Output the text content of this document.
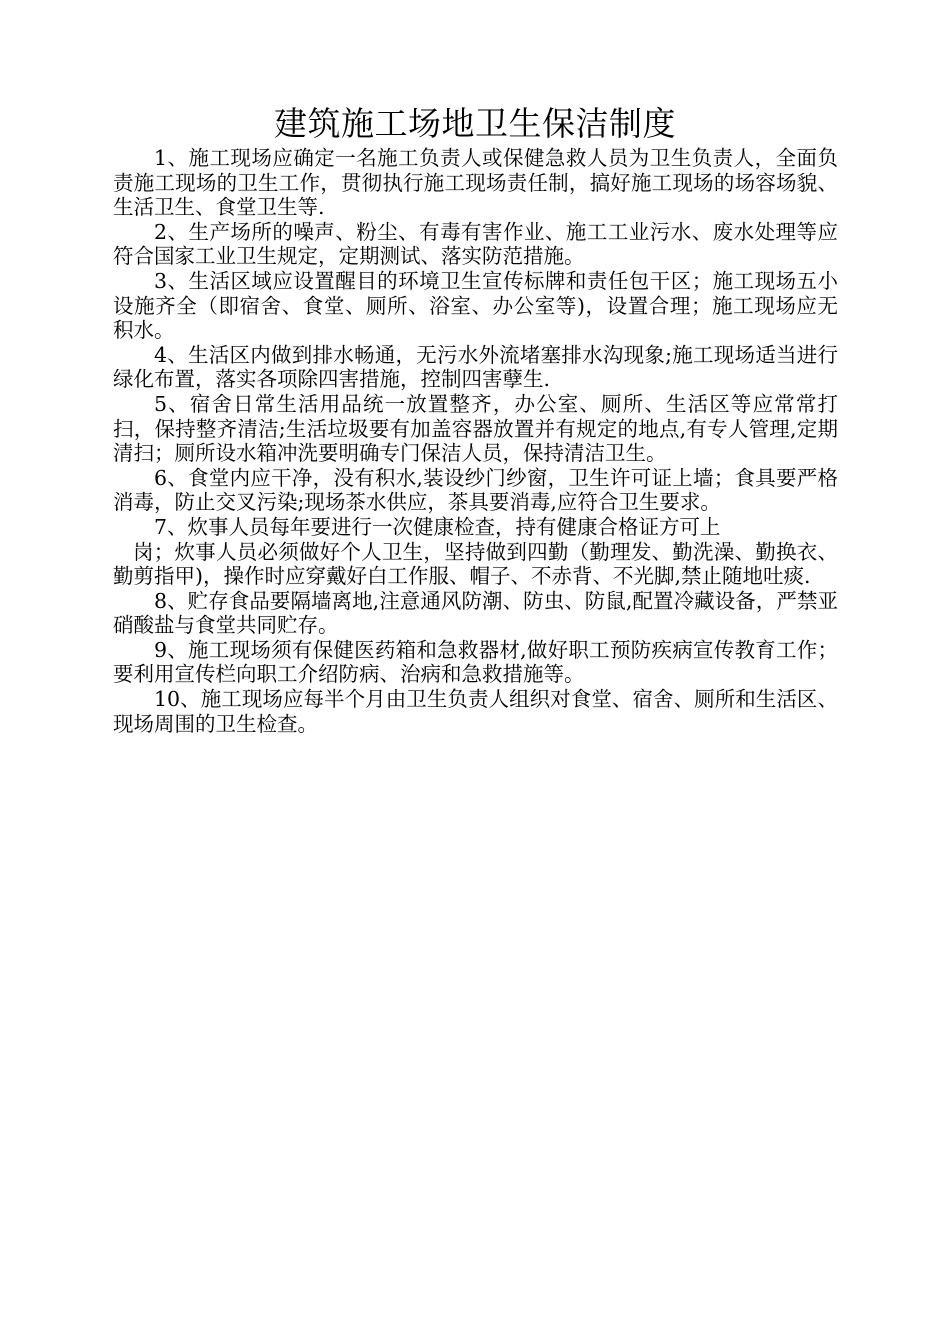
建筑施工场地卫生保洁制度

1、施工现场应确定一名施工负责人或保健急救人员为卫生负责人，全面负责施工现场的卫生工作，贯彻执行施工现场责任制，搞好施工现场的场容场貌、生活卫生、食堂卫生等.

2、生产场所的噪声、粉尘、有毒有害作业、施工工业污水、废水处理等应符合国家工业卫生规定，定期测试、落实防范措施。

3、生活区域应设置醒目的环境卫生宣传标牌和责任包干区；施工现场五小设施齐全（即宿舍、食堂、厕所、浴室、办公室等)，设置合理；施工现场应无积水。

4、生活区内做到排水畅通，无污水外流堵塞排水沟现象;施工现场适当进行绿化布置，落实各项除四害措施，控制四害孽生.

5、宿舍日常生活用品统一放置整齐，办公室、厕所、生活区等应常常打扫，保持整齐清洁;生活垃圾要有加盖容器放置并有规定的地点,有专人管理,定期清扫；厕所设水箱冲洗要明确专门保洁人员，保持清洁卫生。

6、食堂内应干净，没有积水,装设纱门纱窗，卫生许可证上墙；食具要严格消毒，防止交叉污染;现场茶水供应，茶具要消毒,应符合卫生要求。

7、炊事人员每年要进行一次健康检查，持有健康合格证方可上

岗；炊事人员必须做好个人卫生，坚持做到四勤（勤理发、勤洗澡、勤换衣、勤剪指甲)，操作时应穿戴好白工作服、帽子、不赤背、不光脚,禁止随地吐痰.

8、贮存食品要隔墙离地,注意通风防潮、防虫、防鼠,配置冷藏设备，严禁亚硝酸盐与食堂共同贮存。

9、施工现场须有保健医药箱和急救器材,做好职工预防疾病宣传教育工作；要利用宣传栏向职工介绍防病、治病和急救措施等。

10、施工现场应每半个月由卫生负责人组织对食堂、宿舍、厕所和生活区、现场周围的卫生检查。
